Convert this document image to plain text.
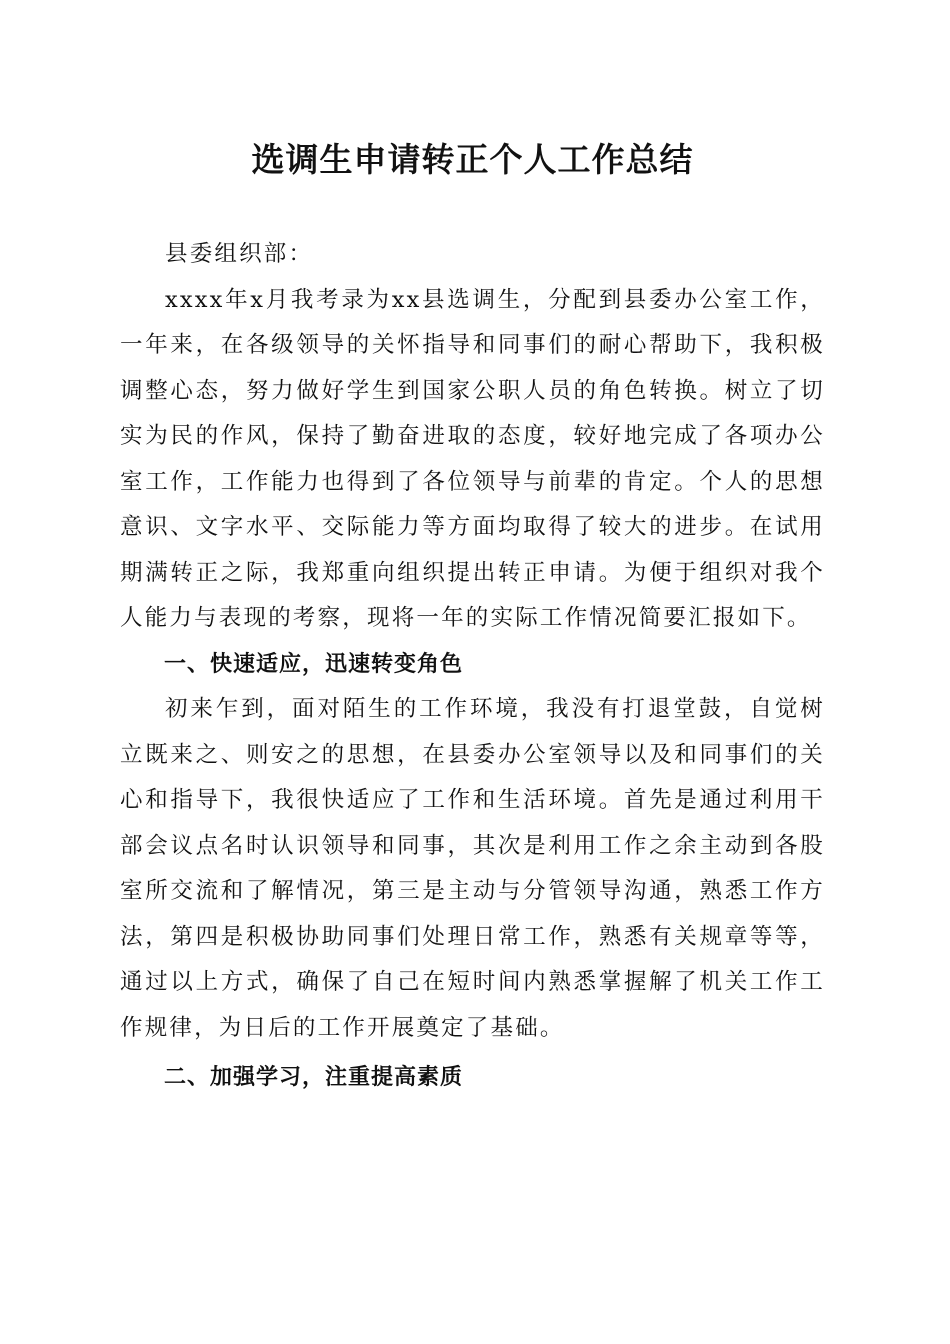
选调生申请转正个人工作总结

县委组织部：

xxxx年x月我考录为xx县选调生，分配到县委办公室工作，一年来，在各级领导的关怀指导和同事们的耐心帮助下，我积极调整心态，努力做好学生到国家公职人员的角色转换。树立了切实为民的作风，保持了勤奋进取的态度，较好地完成了各项办公室工作，工作能力也得到了各位领导与前辈的肯定。个人的思想意识、文字水平、交际能力等方面均取得了较大的进步。在试用期满转正之际，我郑重向组织提出转正申请。为便于组织对我个人能力与表现的考察，现将一年的实际工作情况简要汇报如下。

一、快速适应，迅速转变角色

初来乍到，面对陌生的工作环境，我没有打退堂鼓，自觉树立既来之、则安之的思想，在县委办公室领导以及和同事们的关心和指导下，我很快适应了工作和生活环境。首先是通过利用干部会议点名时认识领导和同事，其次是利用工作之余主动到各股室所交流和了解情况，第三是主动与分管领导沟通，熟悉工作方法，第四是积极协助同事们处理日常工作，熟悉有关规章等等，通过以上方式，确保了自己在短时间内熟悉掌握解了机关工作工作规律，为日后的工作开展奠定了基础。

二、加强学习，注重提高素质
